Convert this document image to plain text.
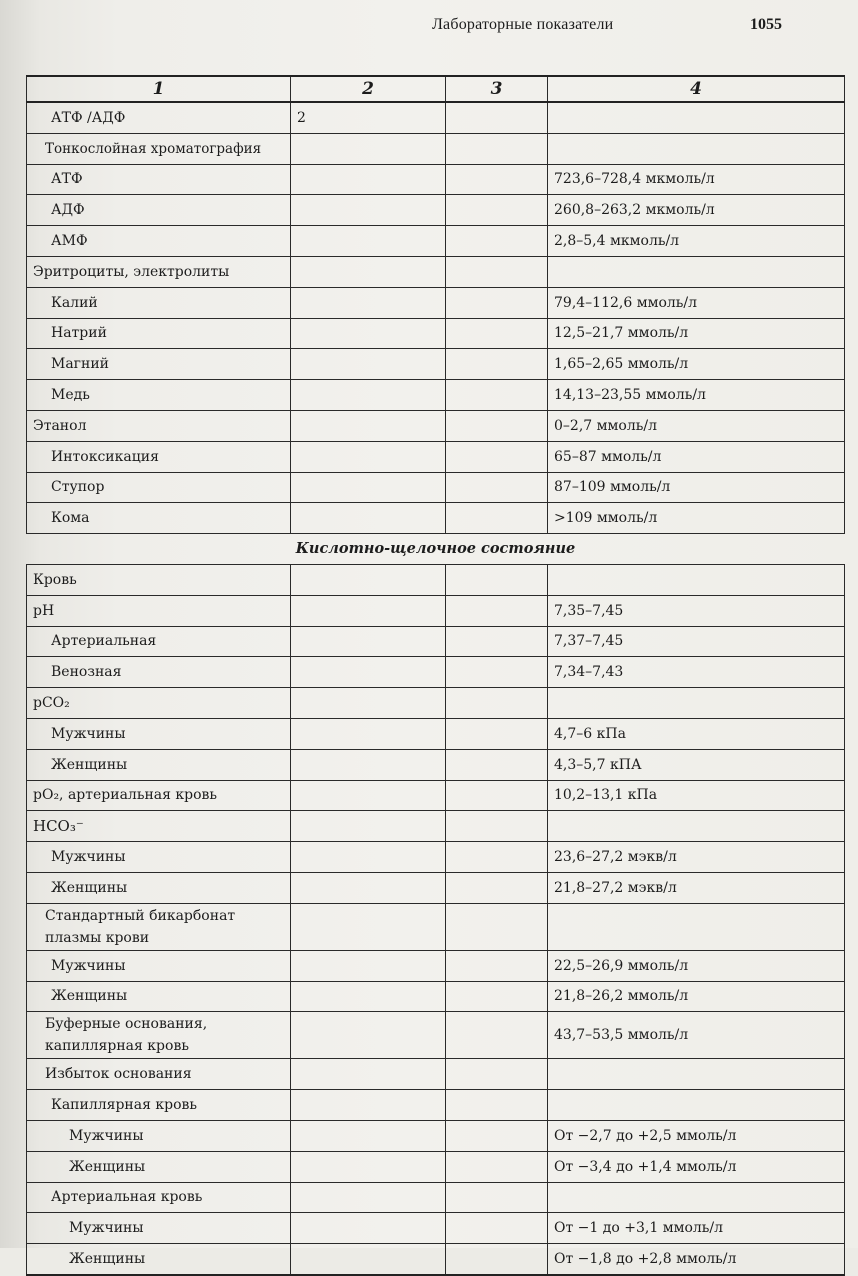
Лабораторные показатели	1055
1	2	3	4
АТФ /АДФ	2		
Тонкослойная хроматография			
АТФ			723,6–728,4 мкмоль/л
АДФ			260,8–263,2 мкмоль/л
АМФ			2,8–5,4 мкмоль/л
Эритроциты, электролиты			
Калий			79,4–112,6 ммоль/л
Натрий			12,5–21,7 ммоль/л
Магний			1,65–2,65 ммоль/л
Медь			14,13–23,55 ммоль/л
Этанол			0–2,7 ммоль/л
Интоксикация			65–87 ммоль/л
Ступор			87–109 ммоль/л
Кома			>109 ммоль/л
Кислотно-щелочное состояние			
Кровь			
pH			7,35–7,45
Артериальная			7,37–7,45
Венозная			7,34–7,43
pCO₂			
Мужчины			4,7–6 кПа
Женщины			4,3–5,7 кПА
pO₂, артериальная кровь			10,2–13,1 кПа
HCO₃⁻			
Мужчины			23,6–27,2 мэкв/л
Женщины			21,8–27,2 мэкв/л
Стандартный бикарбонат плазмы крови			
Мужчины			22,5–26,9 ммоль/л
Женщины			21,8–26,2 ммоль/л
Буферные основания, капиллярная кровь			43,7–53,5 ммоль/л
Избыток основания			
Капиллярная кровь			
Мужчины			От −2,7 до +2,5 ммоль/л
Женщины			От −3,4 до +1,4 ммоль/л
Артериальная кровь			
Мужчины			От −1 до +3,1 ммоль/л
Женщины			От −1,8 до +2,8 ммоль/л
